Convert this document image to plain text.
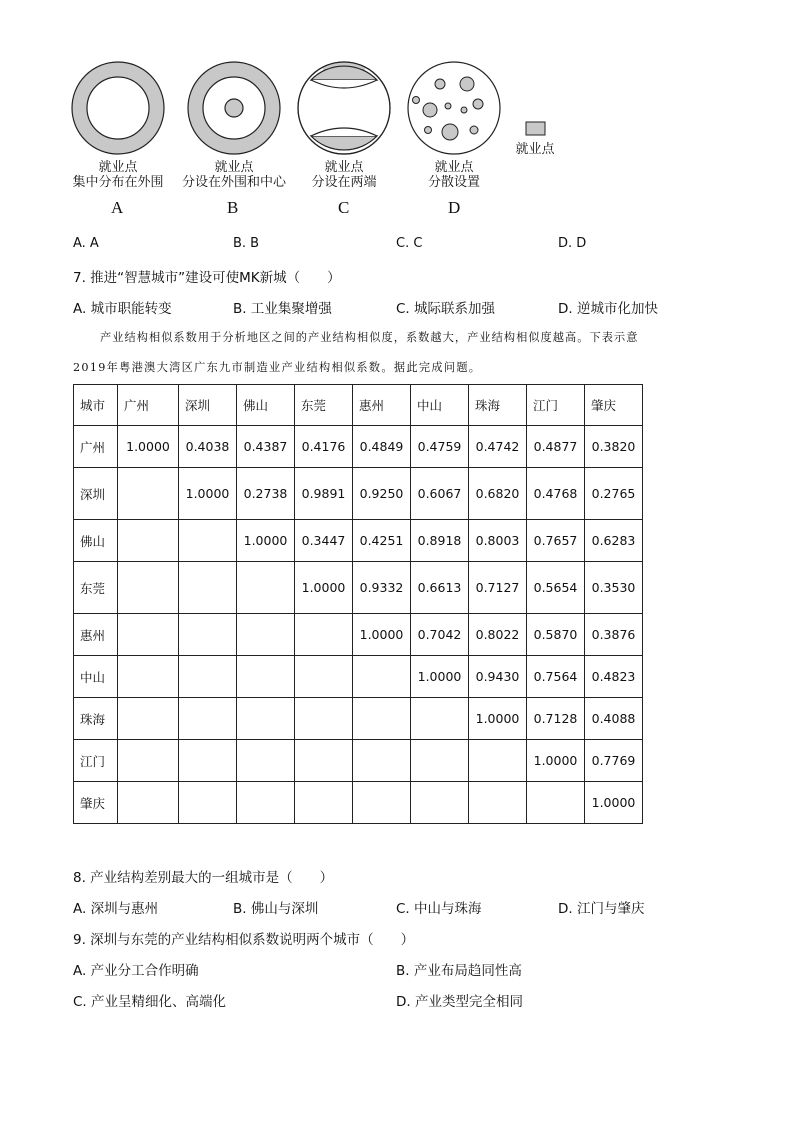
就业点
集中分布在外围
就业点
分设在外围和中心
就业点
分设在两端
就业点
分散设置
就业点
A	B	C	D
A. A	B. B	C. C	D. D
7. 推进“智慧城市”建设可使MK新城（　　）
A. 城市职能转变	B. 工业集聚增强	C. 城际联系加强	D. 逆城市化加快
产业结构相似系数用于分析地区之间的产业结构相似度，系数越大，产业结构相似度越高。下表示意
2019年粤港澳大湾区广东九市制造业产业结构相似系数。据此完成问题。
城市	广州	深圳	佛山	东莞	惠州	中山	珠海	江门	肇庆
广州	1.0000	0.4038	0.4387	0.4176	0.4849	0.4759	0.4742	0.4877	0.3820
深圳		1.0000	0.2738	0.9891	0.9250	0.6067	0.6820	0.4768	0.2765
佛山			1.0000	0.3447	0.4251	0.8918	0.8003	0.7657	0.6283
东莞				1.0000	0.9332	0.6613	0.7127	0.5654	0.3530
惠州					1.0000	0.7042	0.8022	0.5870	0.3876
中山						1.0000	0.9430	0.7564	0.4823
珠海							1.0000	0.7128	0.4088
江门								1.0000	0.7769
肇庆									1.0000
8. 产业结构差别最大的一组城市是（　　）
A. 深圳与惠州	B. 佛山与深圳	C. 中山与珠海	D. 江门与肇庆
9. 深圳与东莞的产业结构相似系数说明两个城市（　　）
A. 产业分工合作明确	B. 产业布局趋同性高
C. 产业呈精细化、高端化	D. 产业类型完全相同
